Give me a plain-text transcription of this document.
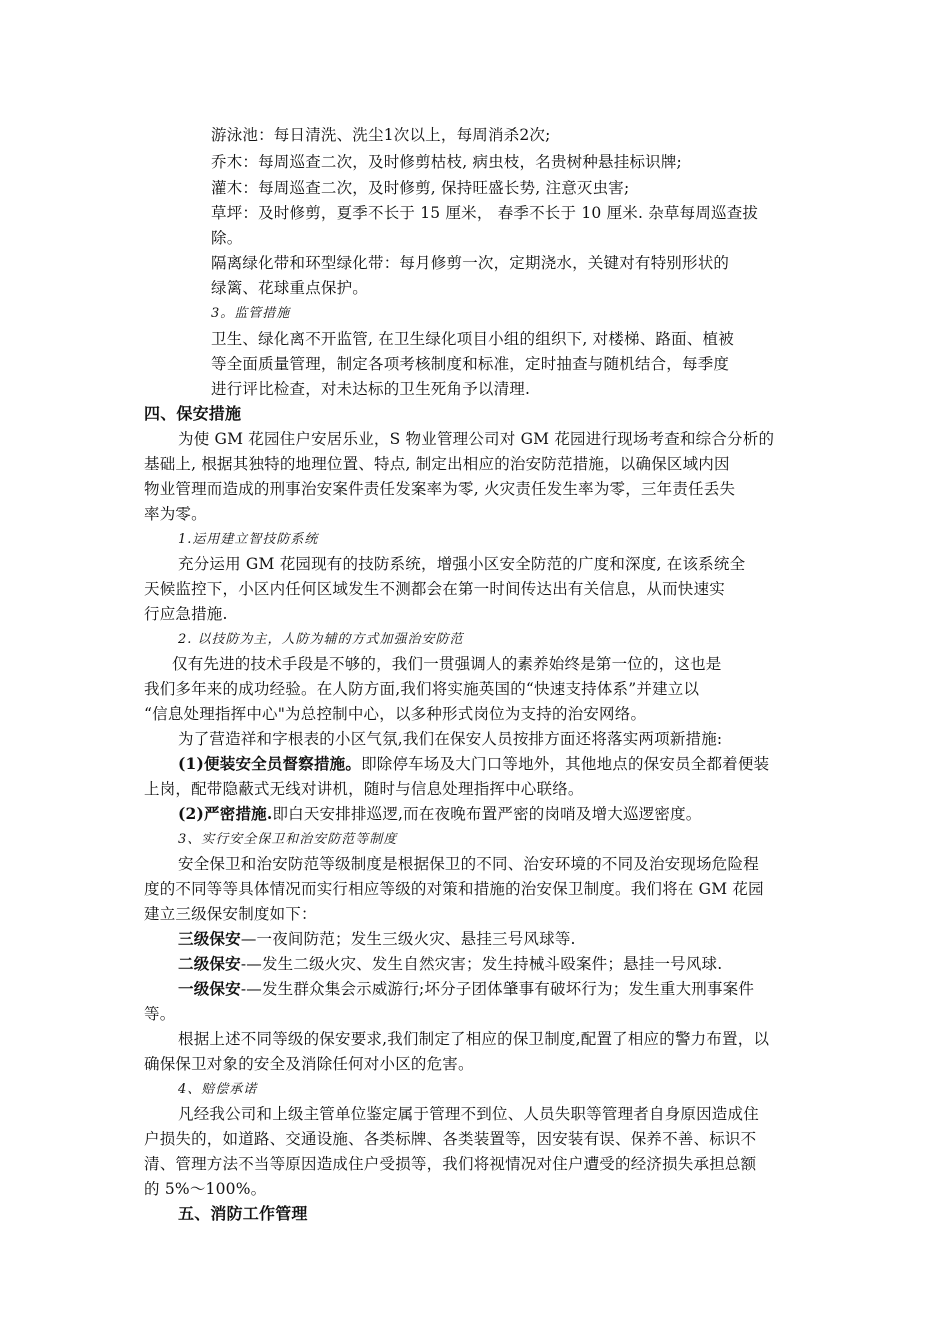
游泳池：每日清洗、洗尘1次以上，每周消杀2次;
乔木：每周巡查二次，及时修剪枯枝, 病虫枝，名贵树种悬挂标识牌;
灌木：每周巡查二次，及时修剪, 保持旺盛长势, 注意灭虫害;
草坪：及时修剪，夏季不长于 15 厘米， 春季不长于 10 厘米. 杂草每周巡查拔
除。
隔离绿化带和环型绿化带：每月修剪一次，定期浇水，关键对有特别形状的
绿篱、花球重点保护。
3。监管措施
卫生、绿化离不开监管, 在卫生绿化项目小组的组织下, 对楼梯、路面、植被
等全面质量管理，制定各项考核制度和标准，定时抽查与随机结合，每季度
进行评比检查，对未达标的卫生死角予以清理.
四、保安措施
为使 GM 花园住户安居乐业，S 物业管理公司对 GM 花园进行现场考查和综合分析的
基础上, 根据其独特的地理位置、特点, 制定出相应的治安防范措施，以确保区域内因
物业管理而造成的刑事治安案件责任发案率为零, 火灾责任发生率为零，三年责任丢失
率为零。
1.运用建立智技防系统
充分运用 GM 花园现有的技防系统，增强小区安全防范的广度和深度, 在该系统全
天候监控下，小区内任何区域发生不测都会在第一时间传达出有关信息，从而快速实
行应急措施.
2. 以技防为主，人防为辅的方式加强治安防范
仅有先进的技术手段是不够的，我们一贯强调人的素养始终是第一位的，这也是
我们多年来的成功经验。在人防方面,我们将实施英国的“快速支持体系”并建立以
“信息处理指挥中心"为总控制中心，以多种形式岗位为支持的治安网络。
为了营造祥和字根表的小区气氛,我们在保安人员按排方面还将落实两项新措施:
(1)便装安全员督察措施。即除停车场及大门口等地外，其他地点的保安员全都着便装
上岗，配带隐蔽式无线对讲机，随时与信息处理指挥中心联络。
(2)严密措施.即白天安排排巡逻,而在夜晚布置严密的岗哨及增大巡逻密度。
3、实行安全保卫和治安防范等制度
安全保卫和治安防范等级制度是根据保卫的不同、治安环境的不同及治安现场危险程
度的不同等等具体情况而实行相应等级的对策和措施的治安保卫制度。我们将在 GM 花园
建立三级保安制度如下：
三级保安—一夜间防范；发生三级火灾、悬挂三号风球等.
二级保安-—发生二级火灾、发生自然灾害；发生持械斗殴案件；悬挂一号风球.
一级保安-—发生群众集会示威游行;坏分子团体肇事有破坏行为；发生重大刑事案件
等。
根据上述不同等级的保安要求,我们制定了相应的保卫制度,配置了相应的警力布置，以
确保保卫对象的安全及消除任何对小区的危害。
4、赔偿承诺
凡经我公司和上级主管单位鉴定属于管理不到位、人员失职等管理者自身原因造成住
户损失的，如道路、交通设施、各类标牌、各类装置等，因安装有误、保养不善、标识不
清、管理方法不当等原因造成住户受损等，我们将视情况对住户遭受的经济损失承担总额
的 5%～100%。
五、消防工作管理
